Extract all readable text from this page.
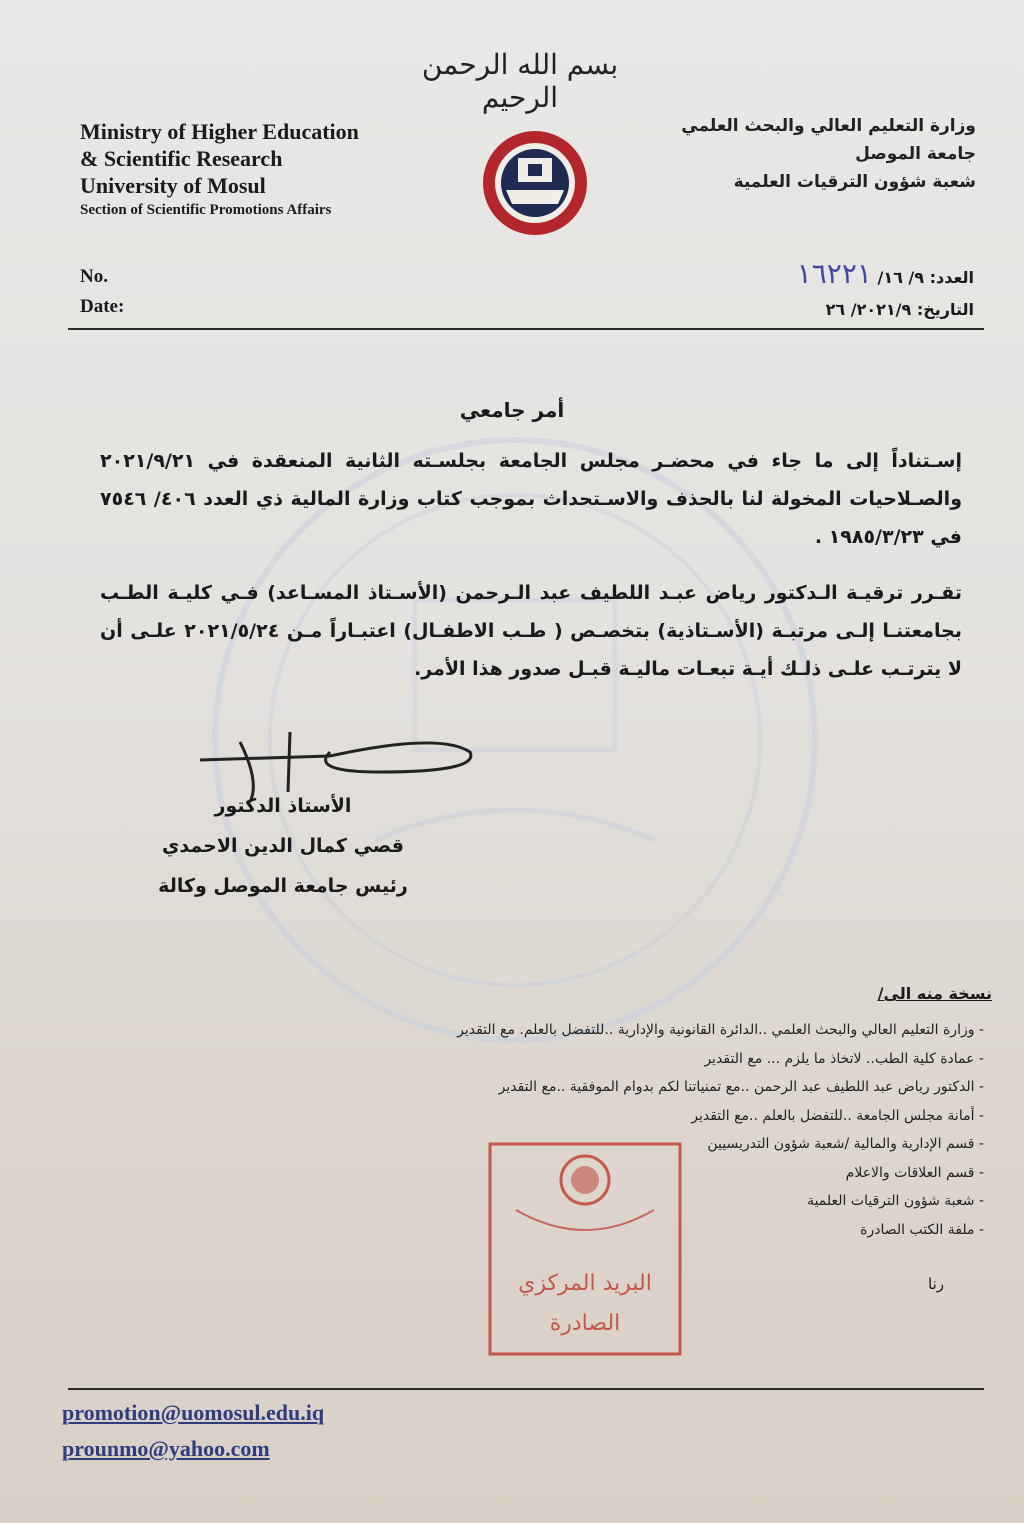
بسم الله الرحمن الرحيم
Ministry of Higher Education
& Scientific Research
University of Mosul
Section of Scientific Promotions Affairs
وزارة التعليم العالي والبحث العلمي
جامعة الموصل
شعبة شؤون الترقيات العلمية
No.
Date:
العدد: ٩/ ١٦/ ١٦٢٢١
التاريخ: ٢٠٢١/٩/ ٢٦
أمر جامعي
إسـتناداً إلى ما جاء في محضـر مجلس الجامعة بجلسـته الثانية المنعقدة في ٢٠٢١/٩/٢١ والصـلاحيات المخولة لنا بالحذف والاسـتحداث بموجب كتاب وزارة المالية ذي العدد ٤٠٦/ ٧٥٤٦ في ١٩٨٥/٣/٢٣ .
تقـرر ترقيـة الـدكتور رياض عبـد اللطيف عبد الـرحمن (الأسـتاذ المسـاعد) فـي كليـة الطـب بجامعتنـا إلـى مرتبـة (الأسـتاذية) بتخصـص ( طـب الاطفـال) اعتبـاراً مـن ٢٠٢١/٥/٢٤ علـى أن لا يترتـب علـى ذلـك أيـة تبعـات ماليـة قبـل صدور هذا الأمر.
الأستاذ الدكتور
قصي كمال الدين الاحمدي
رئيس جامعة الموصل وكالة
نسخة منه الى/
- وزارة التعليم العالي والبحث العلمي ..الدائرة القانونية والإدارية ..للتفضل بالعلم. مع التقدير
- عمادة كلية الطب.. لاتخاذ ما يلزم ... مع التقدير
- الدكتور رياض عبد اللطيف عبد الرحمن ..مع تمنياتنا لكم بدوام الموفقية ..مع التقدير
- أمانة مجلس الجامعة ..للتفضل بالعلم ..مع التقدير
- قسم الإدارية والمالية /شعبة شؤون التدريسيين
- قسم العلاقات والاعلام
- شعبة شؤون الترقيات العلمية
- ملفة الكتب الصادرة
البريد المركزي
الصادرة
رنا
promotion@uomosul.edu.iq
prounmo@yahoo.com
